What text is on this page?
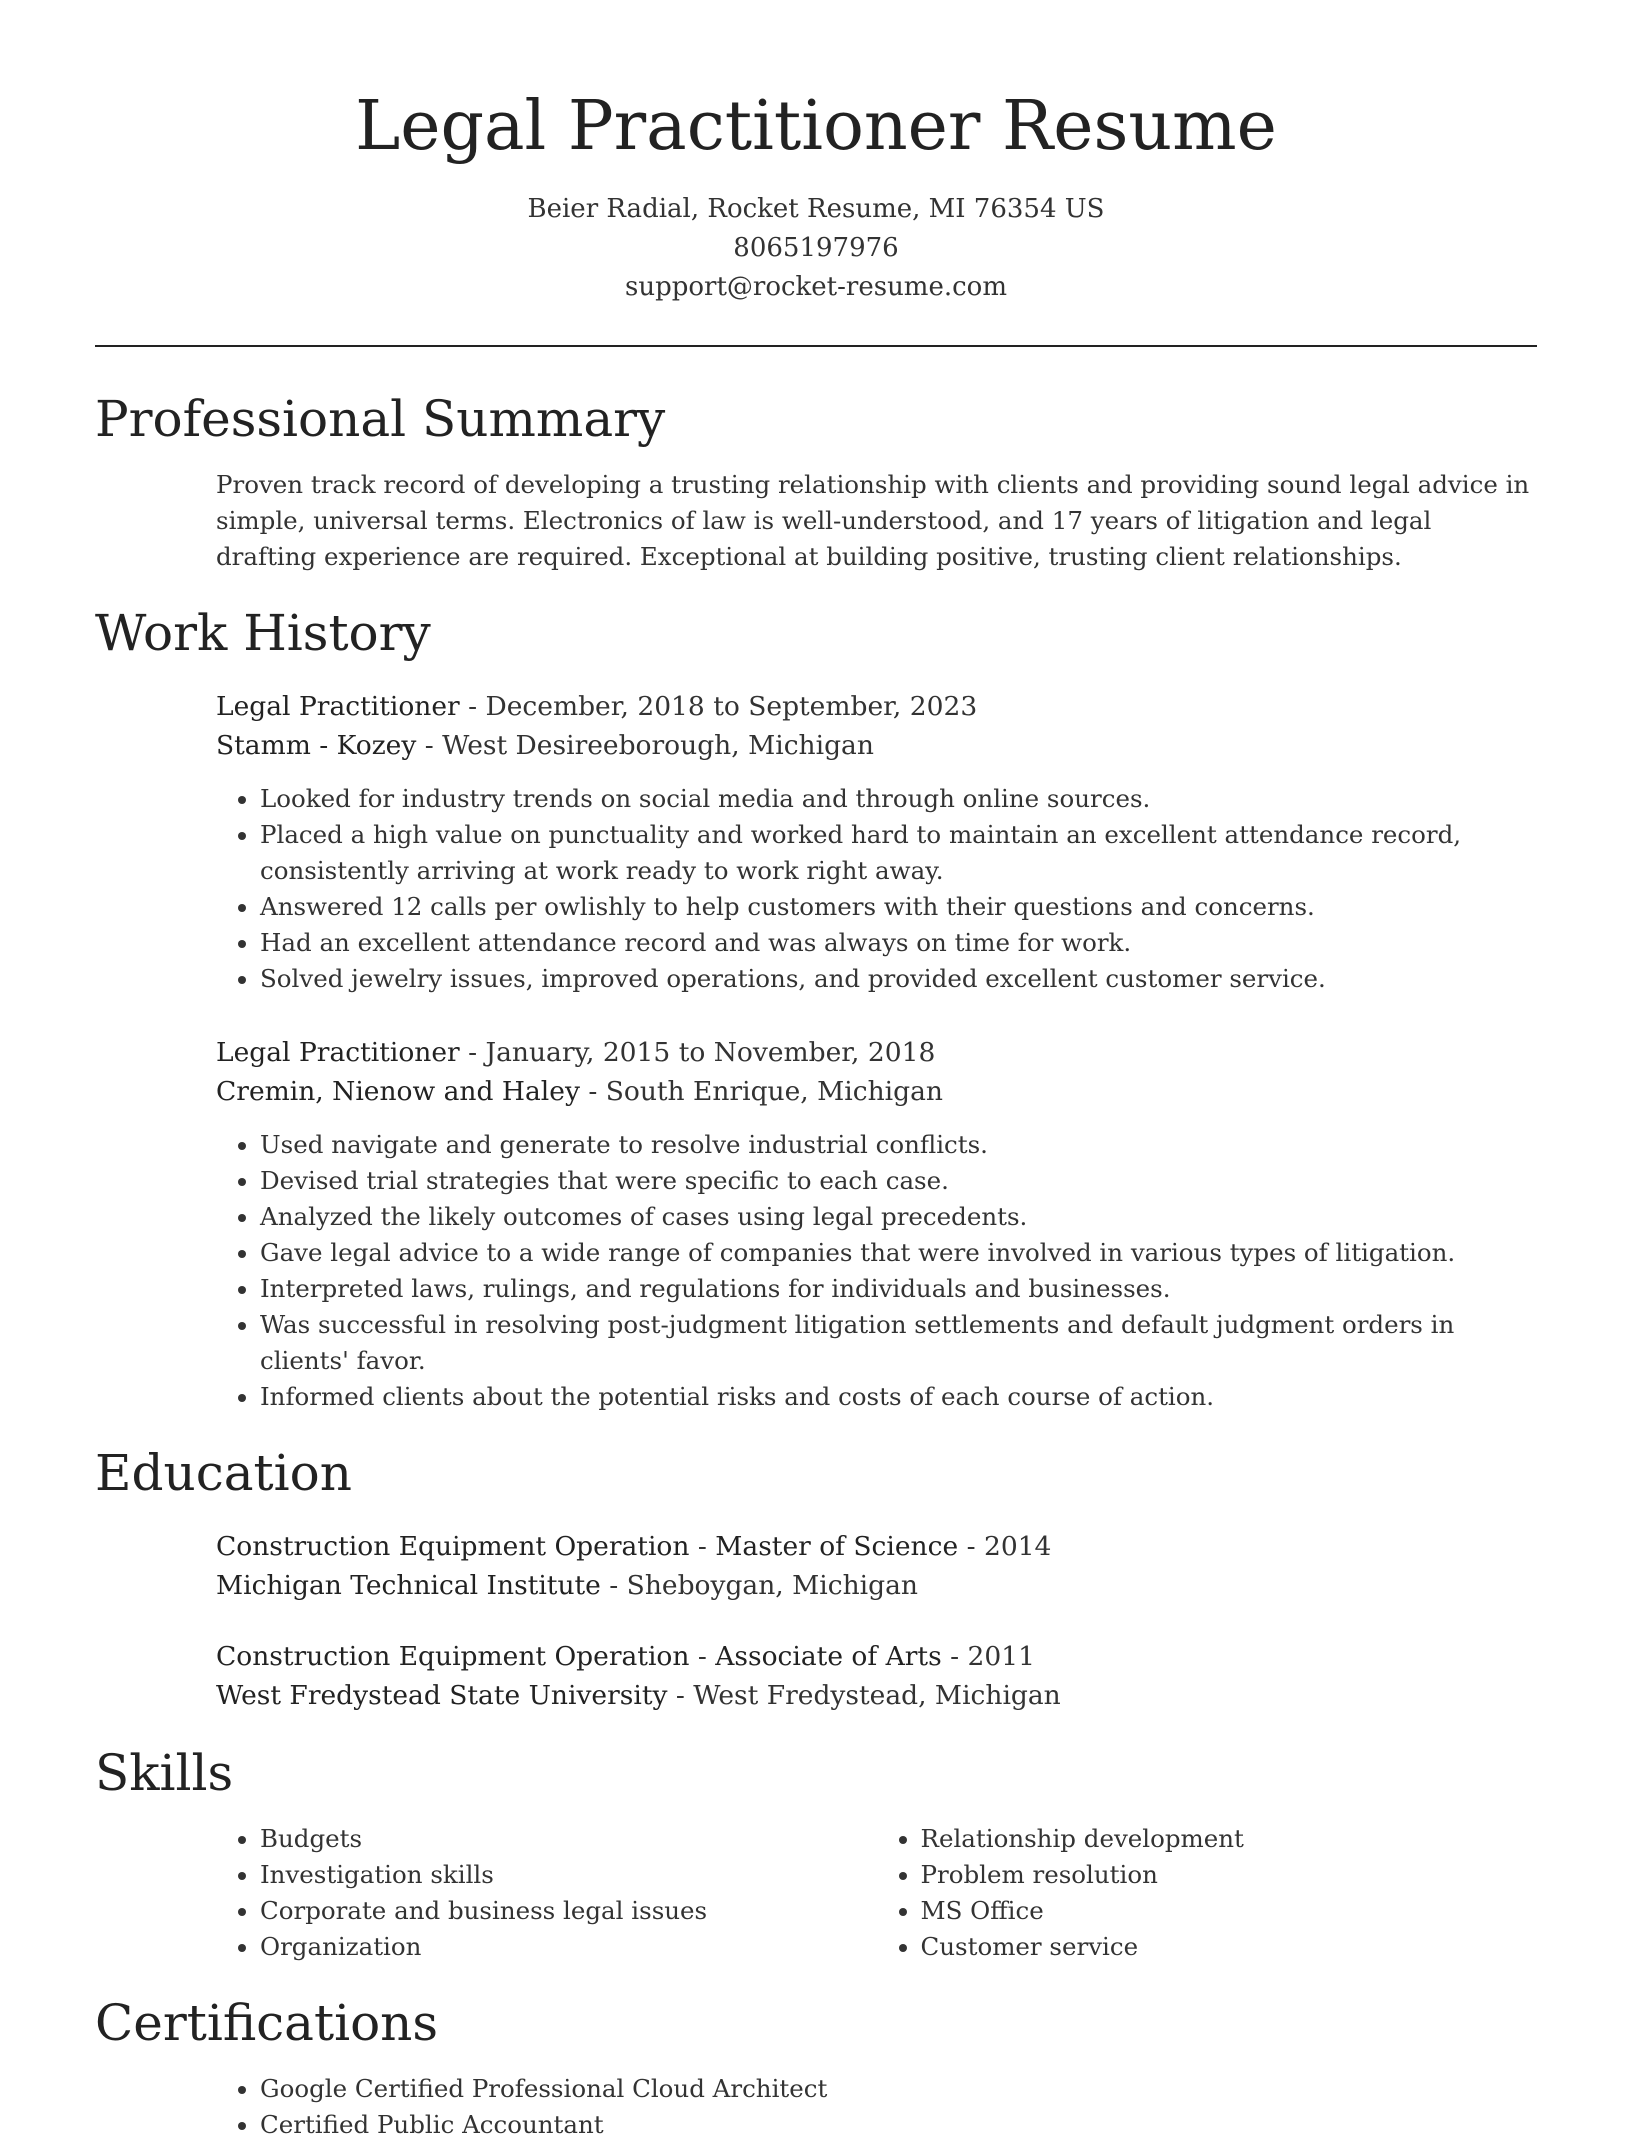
Legal Practitioner Resume
Beier Radial, Rocket Resume, MI 76354 US
8065197976
support@rocket-resume.com
Professional Summary

Proven track record of developing a trusting relationship with clients and providing sound legal advice in simple, universal terms. Electronics of law is well-understood, and 17 years of litigation and legal drafting experience are required. Exceptional at building positive, trusting client relationships.

Work History
Legal Practitioner - December, 2018 to September, 2023
Stamm - Kozey - West Desireeborough, Michigan
• Looked for industry trends on social media and through online sources.
• Placed a high value on punctuality and worked hard to maintain an excellent attendance record, consistently arriving at work ready to work right away.
• Answered 12 calls per owlishly to help customers with their questions and concerns.
• Had an excellent attendance record and was always on time for work.
• Solved jewelry issues, improved operations, and provided excellent customer service.
Legal Practitioner - January, 2015 to November, 2018
Cremin, Nienow and Haley - South Enrique, Michigan
• Used navigate and generate to resolve industrial conflicts.
• Devised trial strategies that were specific to each case.
• Analyzed the likely outcomes of cases using legal precedents.
• Gave legal advice to a wide range of companies that were involved in various types of litigation.
• Interpreted laws, rulings, and regulations for individuals and businesses.
• Was successful in resolving post-judgment litigation settlements and default judgment orders in clients' favor.
• Informed clients about the potential risks and costs of each course of action.
Education
Construction Equipment Operation - Master of Science - 2014
Michigan Technical Institute - Sheboygan, Michigan
Construction Equipment Operation - Associate of Arts - 2011
West Fredystead State University - West Fredystead, Michigan
Skills
• Budgets
• Investigation skills
• Corporate and business legal issues
• Organization
• Relationship development
• Problem resolution
• MS Office
• Customer service
Certifications
• Google Certified Professional Cloud Architect
• Certified Public Accountant
